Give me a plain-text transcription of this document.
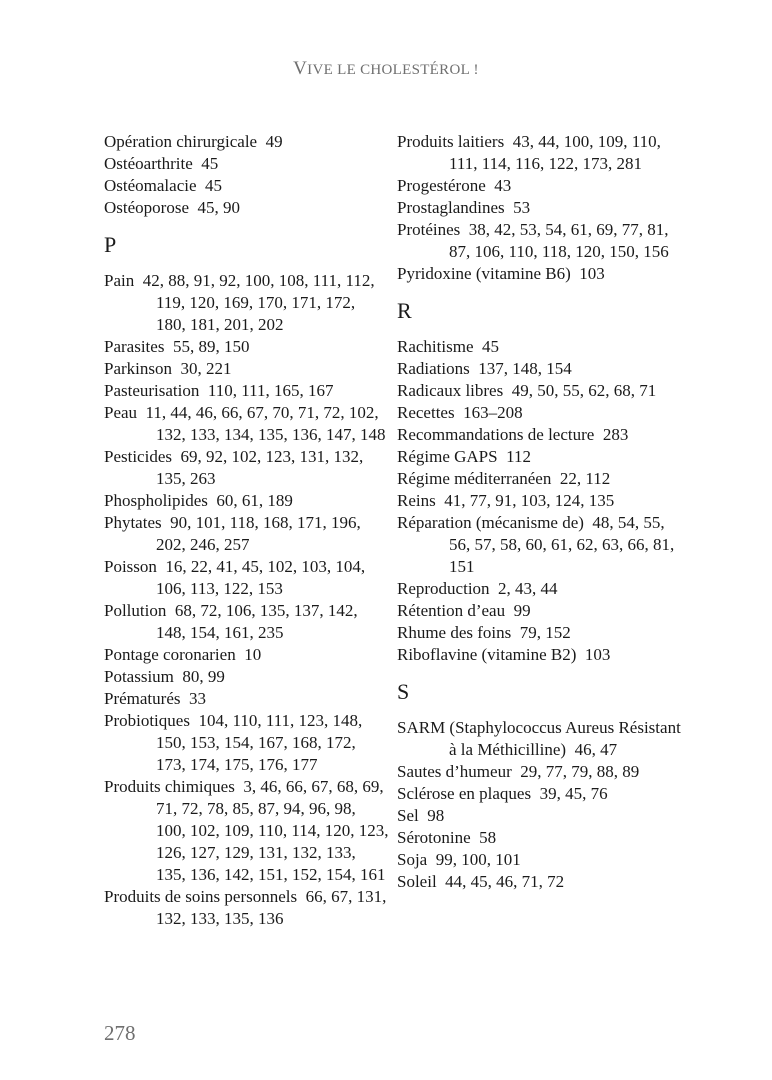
VIVE LE CHOLESTÉROL !

Opération chirurgicale 49

Ostéoarthrite 45

Ostéomalacie 45

Ostéoporose 45, 90

P

Pain 42, 88, 91, 92, 100, 108, 111, 112, 119, 120, 169, 170, 171, 172, 180, 181, 201, 202

Parasites 55, 89, 150

Parkinson 30, 221

Pasteurisation 110, 111, 165, 167

Peau 11, 44, 46, 66, 67, 70, 71, 72, 102, 132, 133, 134, 135, 136, 147, 148

Pesticides 69, 92, 102, 123, 131, 132, 135, 263

Phospholipides 60, 61, 189

Phytates 90, 101, 118, 168, 171, 196, 202, 246, 257

Poisson 16, 22, 41, 45, 102, 103, 104, 106, 113, 122, 153

Pollution 68, 72, 106, 135, 137, 142, 148, 154, 161, 235

Pontage coronarien 10

Potassium 80, 99

Prématurés 33

Probiotiques 104, 110, 111, 123, 148, 150, 153, 154, 167, 168, 172, 173, 174, 175, 176, 177

Produits chimiques 3, 46, 66, 67, 68, 69, 71, 72, 78, 85, 87, 94, 96, 98, 100, 102, 109, 110, 114, 120, 123, 126, 127, 129, 131, 132, 133, 135, 136, 142, 151, 152, 154, 161

Produits de soins personnels 66, 67, 131, 132, 133, 135, 136

Produits laitiers 43, 44, 100, 109, 110, 111, 114, 116, 122, 173, 281

Progestérone 43

Prostaglandines 53

Protéines 38, 42, 53, 54, 61, 69, 77, 81, 87, 106, 110, 118, 120, 150, 156

Pyridoxine (vitamine B6) 103

R

Rachitisme 45

Radiations 137, 148, 154

Radicaux libres 49, 50, 55, 62, 68, 71

Recettes 163–208

Recommandations de lecture 283

Régime GAPS 112

Régime méditerranéen 22, 112

Reins 41, 77, 91, 103, 124, 135

Réparation (mécanisme de) 48, 54, 55, 56, 57, 58, 60, 61, 62, 63, 66, 81, 151

Reproduction 2, 43, 44

Rétention d’eau 99

Rhume des foins 79, 152

Riboflavine (vitamine B2) 103

S

SARM (Staphylococcus Aureus Résistant à la Méthicilline) 46, 47

Sautes d’humeur 29, 77, 79, 88, 89

Sclérose en plaques 39, 45, 76

Sel 98

Sérotonine 58

Soja 99, 100, 101

Soleil 44, 45, 46, 71, 72

278
